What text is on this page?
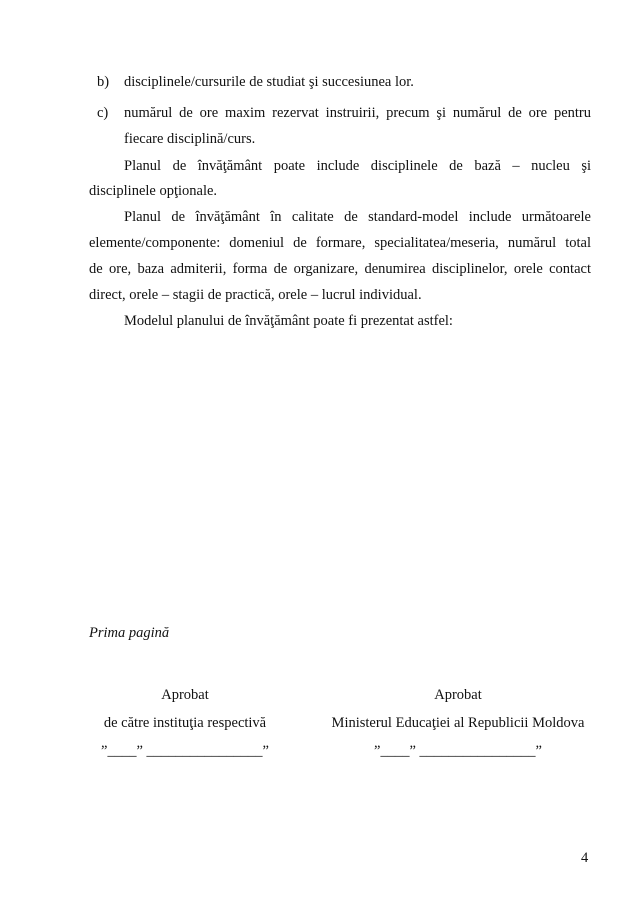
b) disciplinele/cursurile de studiat şi succesiunea lor.
c) numărul de ore maxim rezervat instruirii, precum şi numărul de ore pentru
fiecare disciplină/curs.
Planul de învăţământ poate include disciplinele de bază – nucleu şi
disciplinele opţionale.
Planul de învăţământ în calitate de standard-model include următoarele
elemente/componente: domeniul de formare, specialitatea/meseria, numărul total
de ore, baza admiterii, forma de organizare, denumirea disciplinelor, orele contact
direct, orele – stagii de practică, orele – lucrul individual.
Modelul planului de învăţământ poate fi prezentat astfel:
Prima pagină
Aprobat
de către instituţia respectivă
”____” ________________”
Aprobat
Ministerul Educaţiei al Republicii Moldova
”____” ________________”
4
